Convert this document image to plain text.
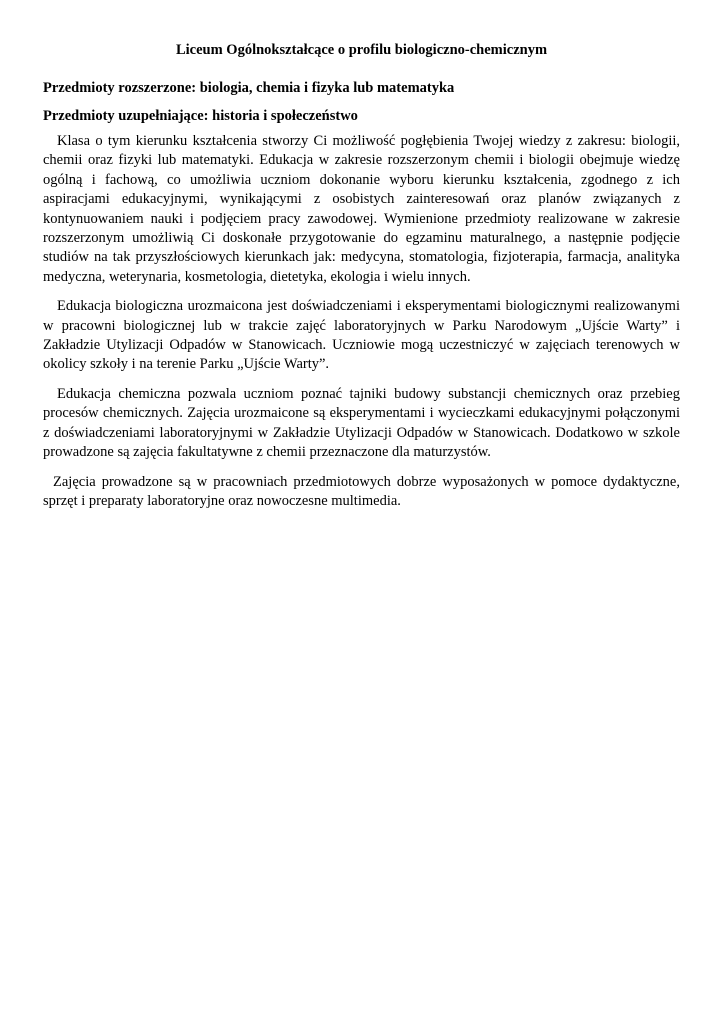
Liceum Ogólnokształcące o profilu biologiczno-chemicznym
Przedmioty rozszerzone: biologia, chemia i fizyka lub matematyka
Przedmioty uzupełniające: historia i społeczeństwo

Klasa o tym kierunku kształcenia stworzy Ci możliwość pogłębienia Twojej wiedzy z zakresu: biologii, chemii oraz fizyki lub matematyki. Edukacja w zakresie rozszerzonym chemii i biologii obejmuje wiedzę ogólną i fachową, co umożliwia uczniom dokonanie wyboru kierunku kształcenia, zgodnego z ich aspiracjami edukacyjnymi, wynikającymi z osobistych zainteresowań oraz planów związanych z kontynuowaniem nauki i podjęciem pracy zawodowej. Wymienione przedmioty realizowane w zakresie rozszerzonym umożliwią Ci doskonałe przygotowanie do egzaminu maturalnego, a następnie podjęcie studiów na tak przyszłościowych kierunkach jak: medycyna, stomatologia, fizjoterapia, farmacja, analityka medyczna, weterynaria, kosmetologia, dietetyka, ekologia i wielu innych.

Edukacja biologiczna urozmaicona jest doświadczeniami i eksperymentami biologicznymi realizowanymi w pracowni biologicznej lub w trakcie zajęć laboratoryjnych w Parku Narodowym „Ujście Warty” i Zakładzie Utylizacji Odpadów w Stanowicach. Uczniowie mogą uczestniczyć w zajęciach terenowych w okolicy szkoły i na terenie Parku „Ujście Warty”.

Edukacja chemiczna pozwala uczniom poznać tajniki budowy substancji chemicznych oraz przebieg procesów chemicznych. Zajęcia urozmaicone są eksperymentami i wycieczkami edukacyjnymi połączonymi z doświadczeniami laboratoryjnymi w Zakładzie Utylizacji Odpadów w Stanowicach. Dodatkowo w szkole prowadzone są zajęcia fakultatywne z chemii przeznaczone dla maturzystów.

Zajęcia prowadzone są w pracowniach przedmiotowych dobrze wyposażonych w pomoce dydaktyczne, sprzęt i preparaty laboratoryjne oraz nowoczesne multimedia.
